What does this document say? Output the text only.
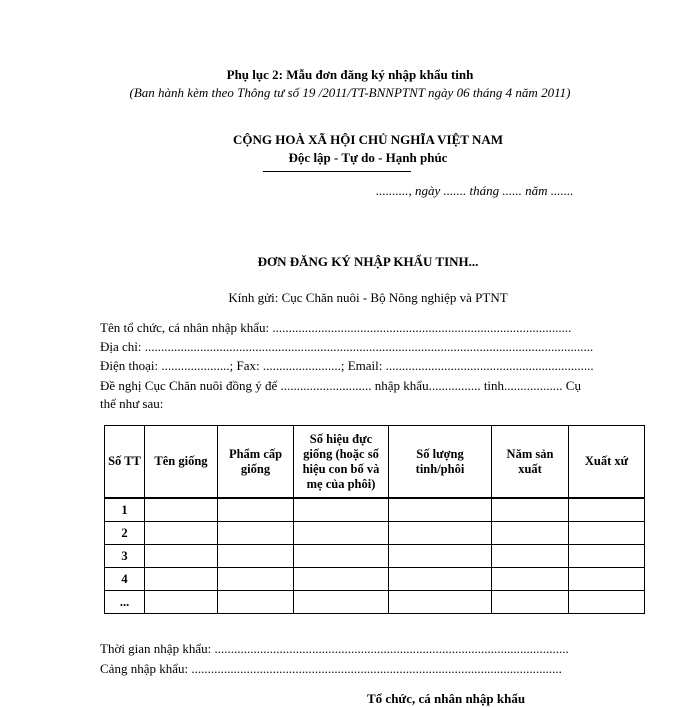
Phụ lục 2: Mẫu đơn đăng ký nhập khẩu tinh
(Ban hành kèm theo Thông tư số 19 /2011/TT-BNNPTNT ngày 06 tháng 4 năm 2011)
CỘNG HOÀ XÃ HỘI CHỦ NGHĨA VIỆT NAM
Độc lập - Tự do - Hạnh phúc
.........., ngày ....... tháng ...... năm .......
ĐƠN ĐĂNG KÝ NHẬP KHẨU TINH...
Kính gửi: Cục Chăn nuôi - Bộ Nông nghiệp và PTNT
Tên tổ chức, cá nhân nhập khẩu: ............................................................................................
Địa chỉ: ..........................................................................................................................................
Điện thoại: .....................; Fax: ........................; Email: ................................................................
Đề nghị Cục Chăn nuôi đồng ý để ............................ nhập khẩu................ tinh.................. Cụ
thể như sau:
Số TT	Tên giống	Phẩm cấp giống	Số hiệu đực giống (hoặc số hiệu con bố và mẹ của phôi)	Số lượng tinh/phôi	Năm sản xuất	Xuất xứ
1						
2						
3						
4						
...						
Thời gian nhập khẩu: .............................................................................................................
Cảng nhập khẩu: ..................................................................................................................
Tổ chức, cá nhân nhập khẩu
